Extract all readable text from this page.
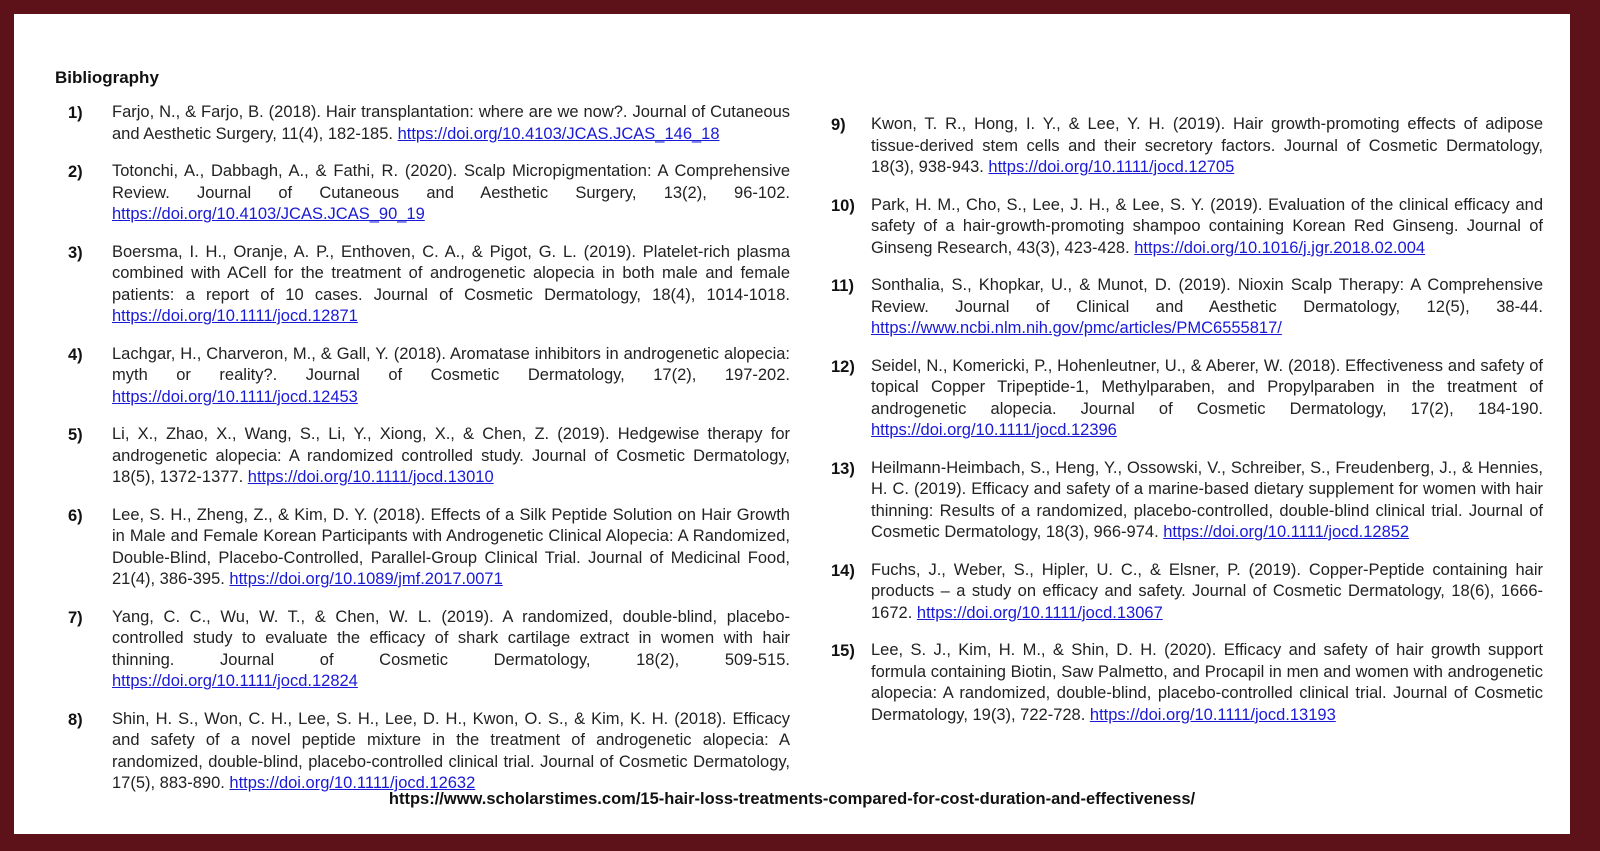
Bibliography
1)	Farjo, N., & Farjo, B. (2018). Hair transplantation: where are we now?. Journal of Cutaneous and Aesthetic Surgery, 11(4), 182-185. https://doi.org/10.4103/JCAS.JCAS_146_18
2)	Totonchi, A., Dabbagh, A., & Fathi, R. (2020). Scalp Micropigmentation: A Comprehensive Review. Journal of Cutaneous and Aesthetic Surgery, 13(2), 96-102. https://doi.org/10.4103/JCAS.JCAS_90_19
3)	Boersma, I. H., Oranje, A. P., Enthoven, C. A., & Pigot, G. L. (2019). Platelet-rich plasma combined with ACell for the treatment of androgenetic alopecia in both male and female patients: a report of 10 cases. Journal of Cosmetic Dermatology, 18(4), 1014-1018. https://doi.org/10.1111/jocd.12871
4)	Lachgar, H., Charveron, M., & Gall, Y. (2018). Aromatase inhibitors in androgenetic alopecia: myth or reality?. Journal of Cosmetic Dermatology, 17(2), 197-202. https://doi.org/10.1111/jocd.12453
5)	Li, X., Zhao, X., Wang, S., Li, Y., Xiong, X., & Chen, Z. (2019). Hedgewise therapy for androgenetic alopecia: A randomized controlled study. Journal of Cosmetic Dermatology, 18(5), 1372-1377. https://doi.org/10.1111/jocd.13010
6)	Lee, S. H., Zheng, Z., & Kim, D. Y. (2018). Effects of a Silk Peptide Solution on Hair Growth in Male and Female Korean Participants with Androgenetic Clinical Alopecia: A Randomized, Double-Blind, Placebo-Controlled, Parallel-Group Clinical Trial. Journal of Medicinal Food, 21(4), 386-395. https://doi.org/10.1089/jmf.2017.0071
7)	Yang, C. C., Wu, W. T., & Chen, W. L. (2019). A randomized, double-blind, placebo-controlled study to evaluate the efficacy of shark cartilage extract in women with hair thinning. Journal of Cosmetic Dermatology, 18(2), 509-515. https://doi.org/10.1111/jocd.12824
8)	Shin, H. S., Won, C. H., Lee, S. H., Lee, D. H., Kwon, O. S., & Kim, K. H. (2018). Efficacy and safety of a novel peptide mixture in the treatment of androgenetic alopecia: A randomized, double-blind, placebo-controlled clinical trial. Journal of Cosmetic Dermatology, 17(5), 883-890. https://doi.org/10.1111/jocd.12632
9)	Kwon, T. R., Hong, I. Y., & Lee, Y. H. (2019). Hair growth-promoting effects of adipose tissue-derived stem cells and their secretory factors. Journal of Cosmetic Dermatology, 18(3), 938-943. https://doi.org/10.1111/jocd.12705
10) Park, H. M., Cho, S., Lee, J. H., & Lee, S. Y. (2019). Evaluation of the clinical efficacy and safety of a hair-growth-promoting shampoo containing Korean Red Ginseng. Journal of Ginseng Research, 43(3), 423-428. https://doi.org/10.1016/j.jgr.2018.02.004
11)	Sonthalia, S., Khopkar, U., & Munot, D. (2019). Nioxin Scalp Therapy: A Comprehensive Review. Journal of Clinical and Aesthetic Dermatology, 12(5), 38-44. https://www.ncbi.nlm.nih.gov/pmc/articles/PMC6555817/
12) Seidel, N., Komericki, P., Hohenleutner, U., & Aberer, W. (2018). Effectiveness and safety of topical Copper Tripeptide-1, Methylparaben, and Propylparaben in the treatment of androgenetic alopecia. Journal of Cosmetic Dermatology, 17(2), 184-190. https://doi.org/10.1111/jocd.12396
13) Heilmann-Heimbach, S., Heng, Y., Ossowski, V., Schreiber, S., Freudenberg, J., & Hennies, H. C. (2019). Efficacy and safety of a marine-based dietary supplement for women with hair thinning: Results of a randomized, placebo-controlled, double-blind clinical trial. Journal of Cosmetic Dermatology, 18(3), 966-974. https://doi.org/10.1111/jocd.12852
14) Fuchs, J., Weber, S., Hipler, U. C., & Elsner, P. (2019). Copper-Peptide containing hair products – a study on efficacy and safety. Journal of Cosmetic Dermatology, 18(6), 1666-1672. https://doi.org/10.1111/jocd.13067
15) Lee, S. J., Kim, H. M., & Shin, D. H. (2020). Efficacy and safety of hair growth support formula containing Biotin, Saw Palmetto, and Procapil in men and women with androgenetic alopecia: A randomized, double-blind, placebo-controlled clinical trial. Journal of Cosmetic Dermatology, 19(3), 722-728. https://doi.org/10.1111/jocd.13193
https://www.scholarstimes.com/15-hair-loss-treatments-compared-for-cost-duration-and-effectiveness/
